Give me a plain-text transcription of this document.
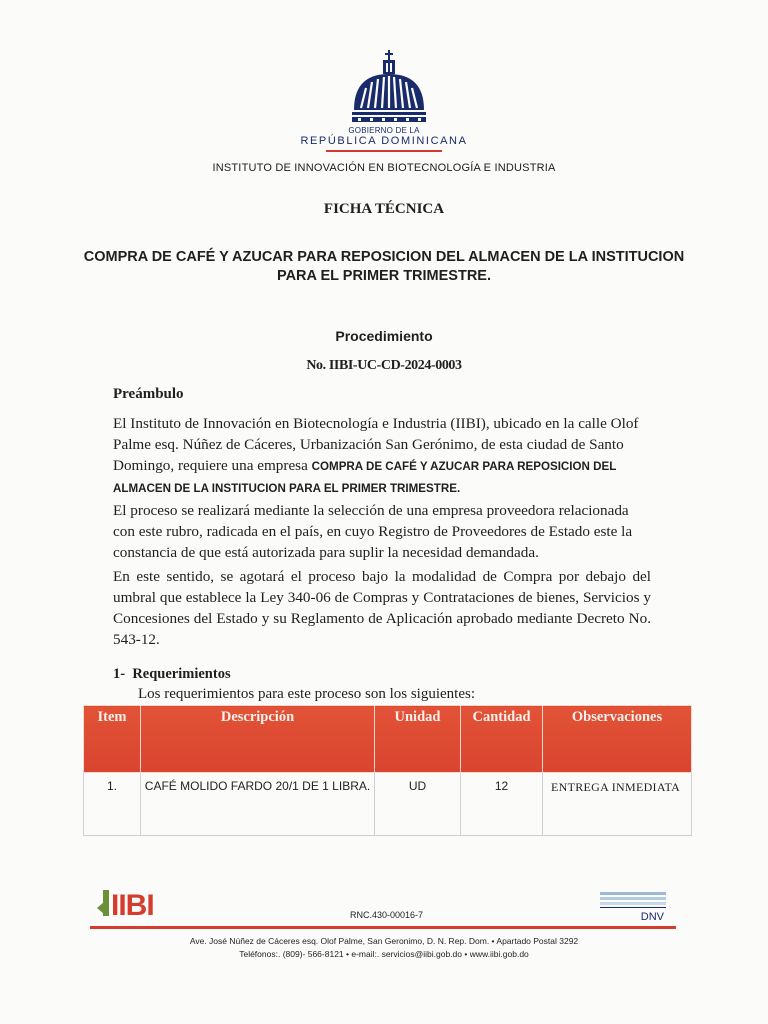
GOBIERNO DE LA
REPÚBLICA DOMINICANA
INSTITUTO DE INNOVACIÓN EN BIOTECNOLOGÍA E INDUSTRIA
FICHA TÉCNICA
COMPRA DE CAFÉ Y AZUCAR PARA REPOSICION DEL ALMACEN DE LA INSTITUCION PARA EL PRIMER TRIMESTRE.
Procedimiento
No. IIBI-UC-CD-2024-0003
Preámbulo
El Instituto de Innovación en Biotecnología e Industria (IIBI), ubicado en la calle Olof Palme esq. Núñez de Cáceres, Urbanización San Gerónimo, de esta ciudad de Santo Domingo, requiere una empresa COMPRA DE CAFÉ Y AZUCAR PARA REPOSICION DEL ALMACEN DE LA INSTITUCION PARA EL PRIMER TRIMESTRE.
El proceso se realizará mediante la selección de una empresa proveedora relacionada con este rubro, radicada en el país, en cuyo Registro de Proveedores de Estado este la constancia de que está autorizada para suplir la necesidad demandada.
En este sentido, se agotará el proceso bajo la modalidad de Compra por debajo del umbral que establece la Ley 340-06 de Compras y Contrataciones de bienes, Servicios y Concesiones del Estado y su Reglamento de Aplicación aprobado mediante Decreto No. 543-12.
1-  Requerimientos
Los requerimientos para este proceso son los siguientes:
Item	Descripción	Unidad	Cantidad	Observaciones
1.	CAFÉ MOLIDO FARDO 20/1 DE 1 LIBRA.	UD	12	ENTREGA INMEDIATA
IIBI	RNC.430-00016-7	DNV
Ave. José Núñez de Cáceres esq. Olof Palme, San Geronimo, D. N. Rep. Dom. • Apartado Postal 3292
Teléfonos:. (809)- 566-8121 • e-mail:. servicios@iibi.gob.do • www.iibi.gob.do
